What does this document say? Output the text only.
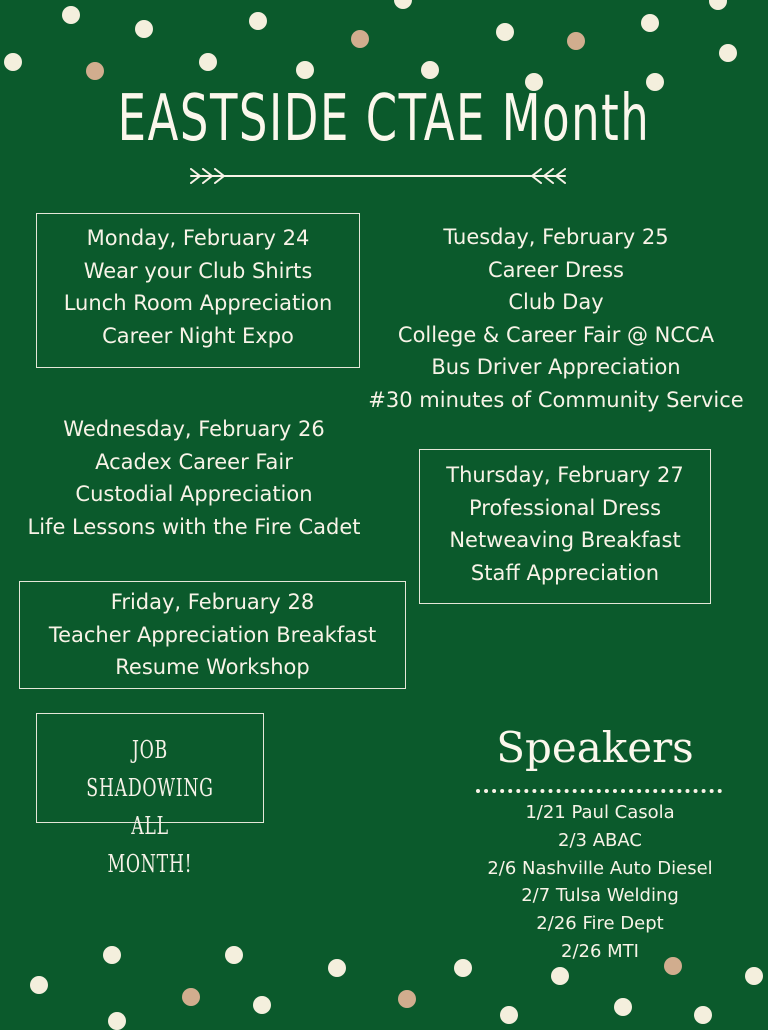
EASTSIDE CTAE Month
Monday, February 24
Wear your Club Shirts
Lunch Room Appreciation
Career Night Expo
Tuesday, February 25
Career Dress
Club Day
College & Career Fair @ NCCA
Bus Driver Appreciation
#30 minutes of Community Service
Wednesday, February 26
Acadex Career Fair
Custodial Appreciation
Life Lessons with the Fire Cadet
Thursday, February 27
Professional Dress
Netweaving Breakfast
Staff Appreciation
Friday, February 28
Teacher Appreciation Breakfast
Resume Workshop
JOB SHADOWING ALL
MONTH!
Speakers
1/21 Paul Casola
2/3 ABAC
2/6 Nashville Auto Diesel
2/7 Tulsa Welding
2/26 Fire Dept
2/26 MTI
